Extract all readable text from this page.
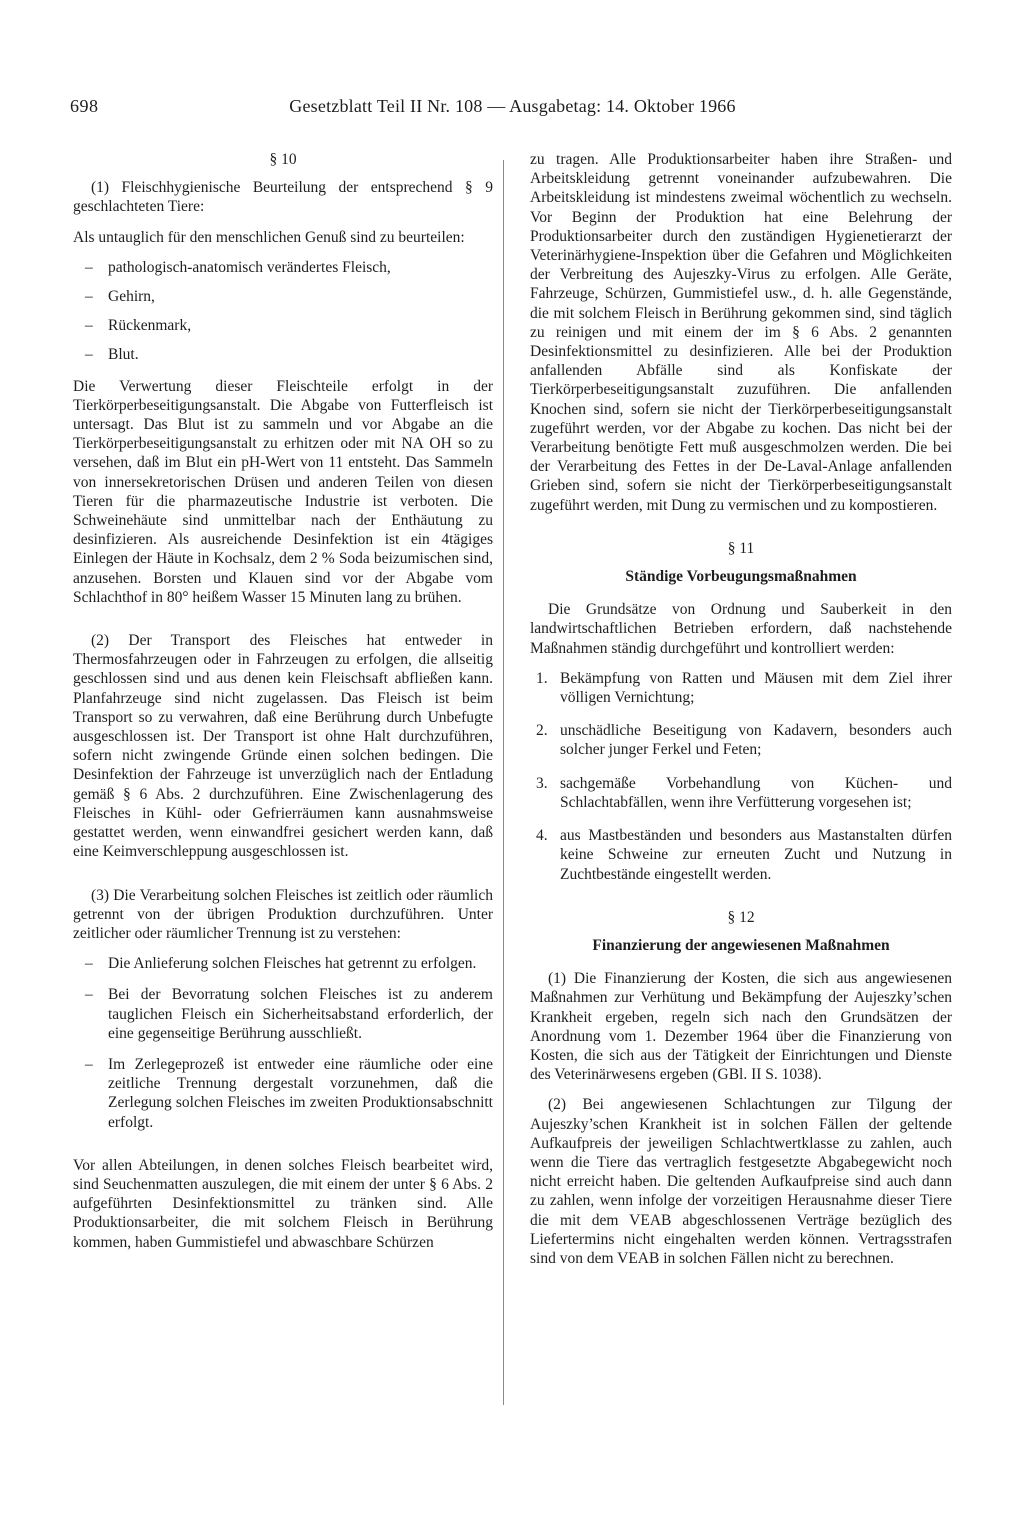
698	Gesetzblatt Teil II Nr. 108 — Ausgabetag: 14. Oktober 1966

§ 10

(1) Fleischhygienische Beurteilung der entsprechend § 9 geschlachteten Tiere:

Als untauglich für den menschlichen Genuß sind zu beurteilen:

– pathologisch-anatomisch verändertes Fleisch,
– Gehirn,
– Rückenmark,
– Blut.

Die Verwertung dieser Fleischteile erfolgt in der Tierkörperbeseitigungsanstalt. Die Abgabe von Futterfleisch ist untersagt. Das Blut ist zu sammeln und vor Abgabe an die Tierkörperbeseitigungsanstalt zu erhitzen oder mit NA OH so zu versehen, daß im Blut ein pH-Wert von 11 entsteht. Das Sammeln von innersekretorischen Drüsen und anderen Teilen von diesen Tieren für die pharmazeutische Industrie ist verboten. Die Schweinehäute sind unmittelbar nach der Enthäutung zu desinfizieren. Als ausreichende Desinfektion ist ein 4tägiges Einlegen der Häute in Kochsalz, dem 2 % Soda beizumischen sind, anzusehen. Borsten und Klauen sind vor der Abgabe vom Schlachthof in 80° heißem Wasser 15 Minuten lang zu brühen.

(2) Der Transport des Fleisches hat entweder in Thermosfahrzeugen oder in Fahrzeugen zu erfolgen, die allseitig geschlossen sind und aus denen kein Fleischsaft abfließen kann. Planfahrzeuge sind nicht zugelassen. Das Fleisch ist beim Transport so zu verwahren, daß eine Berührung durch Unbefugte ausgeschlossen ist. Der Transport ist ohne Halt durchzuführen, sofern nicht zwingende Gründe einen solchen bedingen. Die Desinfektion der Fahrzeuge ist unverzüglich nach der Entladung gemäß § 6 Abs. 2 durchzuführen. Eine Zwischenlagerung des Fleisches in Kühl- oder Gefrierräumen kann ausnahmsweise gestattet werden, wenn einwandfrei gesichert werden kann, daß eine Keimverschleppung ausgeschlossen ist.

(3) Die Verarbeitung solchen Fleisches ist zeitlich oder räumlich getrennt von der übrigen Produktion durchzuführen. Unter zeitlicher oder räumlicher Trennung ist zu verstehen:

– Die Anlieferung solchen Fleisches hat getrennt zu erfolgen.
– Bei der Bevorratung solchen Fleisches ist zu anderem tauglichen Fleisch ein Sicherheitsabstand erforderlich, der eine gegenseitige Berührung ausschließt.
– Im Zerlegeprozeß ist entweder eine räumliche oder eine zeitliche Trennung dergestalt vorzunehmen, daß die Zerlegung solchen Fleisches im zweiten Produktionsabschnitt erfolgt.

Vor allen Abteilungen, in denen solches Fleisch bearbeitet wird, sind Seuchenmatten auszulegen, die mit einem der unter § 6 Abs. 2 aufgeführten Desinfektionsmittel zu tränken sind. Alle Produktionsarbeiter, die mit solchem Fleisch in Berührung kommen, haben Gummistiefel und abwaschbare Schürzen

zu tragen. Alle Produktionsarbeiter haben ihre Straßen- und Arbeitskleidung getrennt voneinander aufzubewahren. Die Arbeitskleidung ist mindestens zweimal wöchentlich zu wechseln. Vor Beginn der Produktion hat eine Belehrung der Produktionsarbeiter durch den zuständigen Hygienetierarzt der Veterinärhygiene-Inspektion über die Gefahren und Möglichkeiten der Verbreitung des Aujeszky-Virus zu erfolgen. Alle Geräte, Fahrzeuge, Schürzen, Gummistiefel usw., d. h. alle Gegenstände, die mit solchem Fleisch in Berührung gekommen sind, sind täglich zu reinigen und mit einem der im § 6 Abs. 2 genannten Desinfektionsmittel zu desinfizieren. Alle bei der Produktion anfallenden Abfälle sind als Konfiskate der Tierkörperbeseitigungsanstalt zuzuführen. Die anfallenden Knochen sind, sofern sie nicht der Tierkörperbeseitigungsanstalt zugeführt werden, vor der Abgabe zu kochen. Das nicht bei der Verarbeitung benötigte Fett muß ausgeschmolzen werden. Die bei der Verarbeitung des Fettes in der De-Laval-Anlage anfallenden Grieben sind, sofern sie nicht der Tierkörperbeseitigungsanstalt zugeführt werden, mit Dung zu vermischen und zu kompostieren.

§ 11

Ständige Vorbeugungsmaßnahmen

Die Grundsätze von Ordnung und Sauberkeit in den landwirtschaftlichen Betrieben erfordern, daß nachstehende Maßnahmen ständig durchgeführt und kontrolliert werden:

1. Bekämpfung von Ratten und Mäusen mit dem Ziel ihrer völligen Vernichtung;
2. unschädliche Beseitigung von Kadavern, besonders auch solcher junger Ferkel und Feten;
3. sachgemäße Vorbehandlung von Küchen- und Schlachtabfällen, wenn ihre Verfütterung vorgesehen ist;
4. aus Mastbeständen und besonders aus Mastanstalten dürfen keine Schweine zur erneuten Zucht und Nutzung in Zuchtbestände eingestellt werden.

§ 12

Finanzierung der angewiesenen Maßnahmen

(1) Die Finanzierung der Kosten, die sich aus angewiesenen Maßnahmen zur Verhütung und Bekämpfung der Aujeszky’schen Krankheit ergeben, regeln sich nach den Grundsätzen der Anordnung vom 1. Dezember 1964 über die Finanzierung von Kosten, die sich aus der Tätigkeit der Einrichtungen und Dienste des Veterinärwesens ergeben (GBl. II S. 1038).

(2) Bei angewiesenen Schlachtungen zur Tilgung der Aujeszky’schen Krankheit ist in solchen Fällen der geltende Aufkaufpreis der jeweiligen Schlachtwertklasse zu zahlen, auch wenn die Tiere das vertraglich festgesetzte Abgabegewicht noch nicht erreicht haben. Die geltenden Aufkaufpreise sind auch dann zu zahlen, wenn infolge der vorzeitigen Herausnahme dieser Tiere die mit dem VEAB abgeschlossenen Verträge bezüglich des Liefertermins nicht eingehalten werden können. Vertragsstrafen sind von dem VEAB in solchen Fällen nicht zu berechnen.
